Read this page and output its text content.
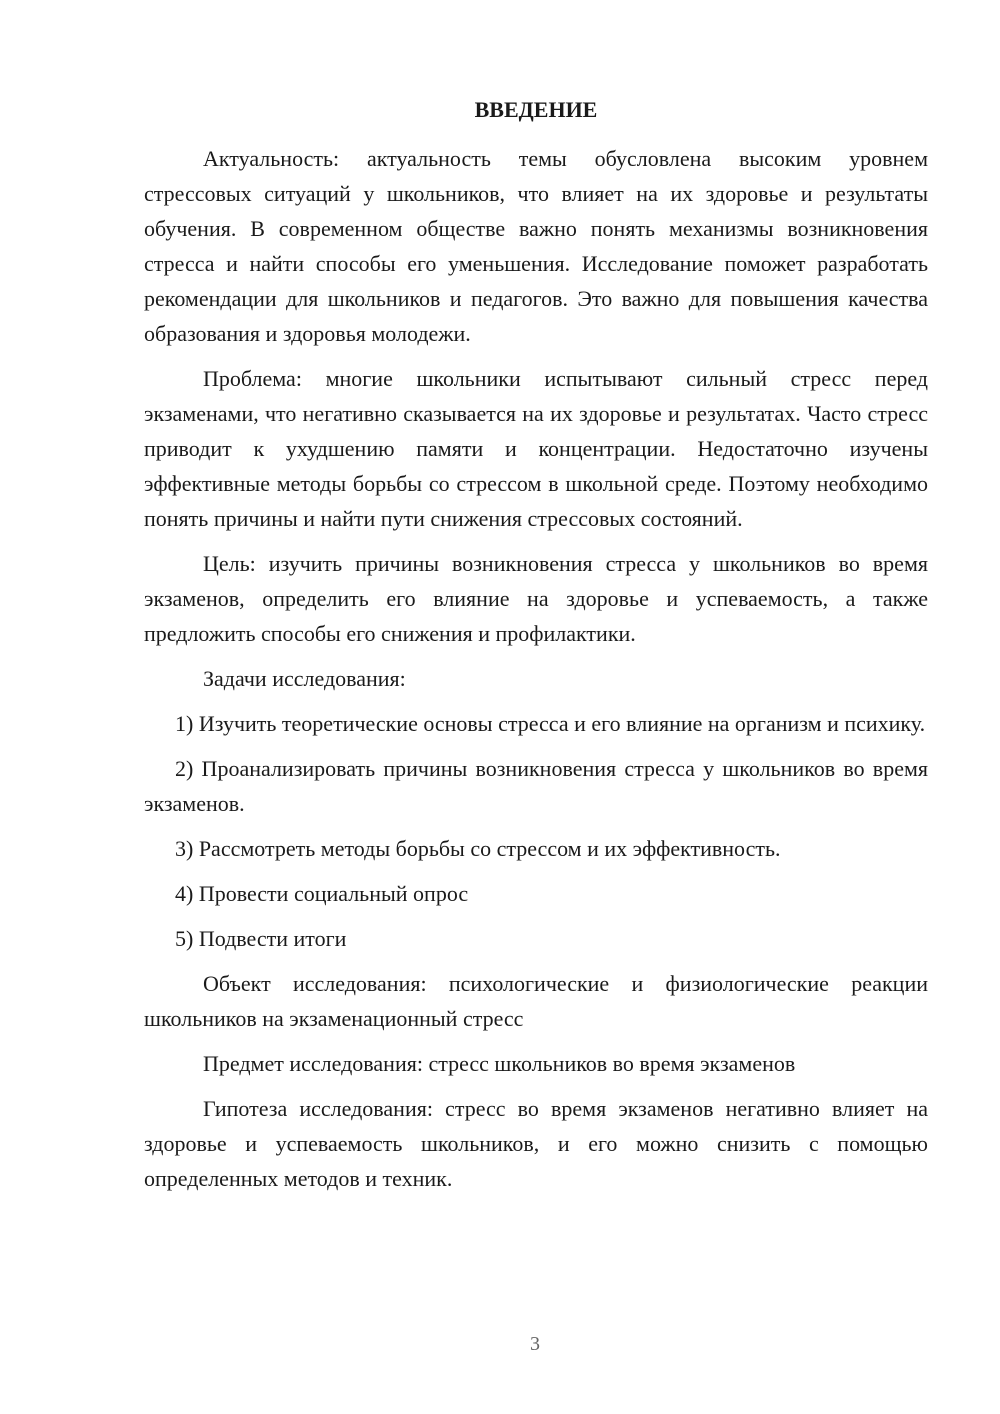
ВВЕДЕНИЕ

Актуальность: актуальность темы обусловлена высоким уровнем стрессовых ситуаций у школьников, что влияет на их здоровье и результаты обучения. В современном обществе важно понять механизмы возникновения стресса и найти способы его уменьшения. Исследование поможет разработать рекомендации для школьников и педагогов. Это важно для повышения качества образования и здоровья молодежи.

Проблема: многие школьники испытывают сильный стресс перед экзаменами, что негативно сказывается на их здоровье и результатах. Часто стресс приводит к ухудшению памяти и концентрации. Недостаточно изучены эффективные методы борьбы со стрессом в школьной среде. Поэтому необходимо понять причины и найти пути снижения стрессовых состояний.

Цель: изучить причины возникновения стресса у школьников во время экзаменов, определить его влияние на здоровье и успеваемость, а также предложить способы его снижения и профилактики.

Задачи исследования:

1) Изучить теоретические основы стресса и его влияние на организм и психику.

2) Проанализировать причины возникновения стресса у школьников во время экзаменов.

3) Рассмотреть методы борьбы со стрессом и их эффективность.

4) Провести социальный опрос

5) Подвести итоги

Объект исследования: психологические и физиологические реакции школьников на экзаменационный стресс

Предмет исследования: стресс школьников во время экзаменов

Гипотеза исследования: стресс во время экзаменов негативно влияет на здоровье и успеваемость школьников, и его можно снизить с помощью определенных методов и техник.

3
